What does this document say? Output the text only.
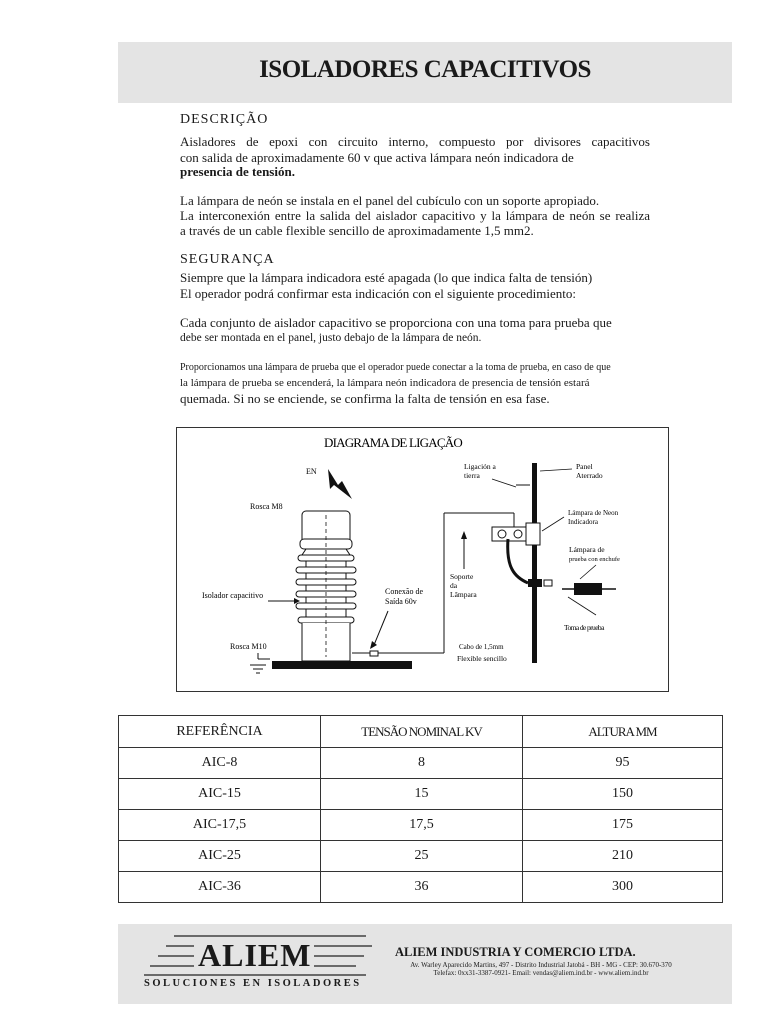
ISOLADORES CAPACITIVOS
DESCRIÇÃO
Aisladores de epoxi con circuito interno, compuesto por divisores capacitivos
con salida de aproximadamente 60 v que activa lámpara neón indicadora de
presencia de tensión.
La lámpara de neón se instala en el panel del cubículo con un soporte apropiado.
La interconexión entre la salida del aislador capacitivo y la lámpara de neón se realiza
a través de un cable flexible sencillo de aproximadamente 1,5 mm2.
SEGURANÇA
Siempre que la lámpara indicadora esté apagada (lo que indica falta de tensión)
El operador podrá confirmar esta indicación con el siguiente procedimiento:
Cada conjunto de aislador capacitivo se proporciona con una toma para prueba que
debe ser montada en el panel, justo debajo de la lámpara de neón.
Proporcionamos una lámpara de prueba que el operador puede conectar a la toma de prueba, en caso de que
la lámpara de prueba se encenderá, la lámpara neón indicadora de presencia de tensión estará
quemada. Si no se enciende, se confirma la falta de tensión en esa fase.
DIAGRAMA DE LIGAÇÃO
EN
Rosca M8
Isolador capacitivo	Conexão de
Saída 60v
Rosca M10
Ligación a
tierra
Panel
Aterrado
Lámpara de Neon
Indicadora
Lámpara de
prueba con enchufe
Toma de prueba
Soporte
da
Lâmpara
Cabo de 1,5mm
Flexible sencillo
REFERÊNCIA	TENSÃO NOMINAL KV	ALTURA MM
AIC-8	8	95
AIC-15	15	150
AIC-17,5	17,5	175
AIC-25	25	210
AIC-36	36	300
ALIEM
SOLUCIONES EN ISOLADORES
ALIEM INDUSTRIA Y COMERCIO LTDA.
Av. Warley Aparecido Martins, 497 - Distrito Industrial Jatobá - BH - MG - CEP: 30.670-370
Telefax: 0xx31-3387-0921- Email: vendas@aliem.ind.br - www.aliem.ind.br
